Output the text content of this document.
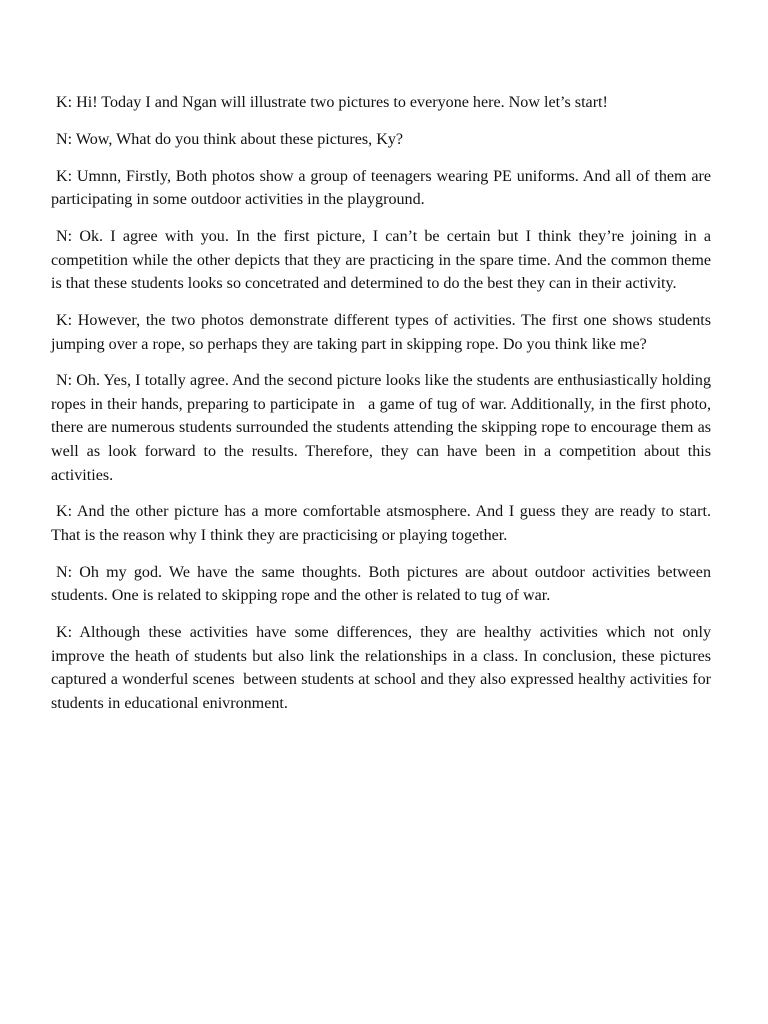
K: Hi! Today I and Ngan will illustrate two pictures to everyone here. Now let’s start!

N: Wow, What do you think about these pictures, Ky?

K: Umnn, Firstly, Both photos show a group of teenagers wearing PE uniforms. And all of them are participating in some outdoor activities in the playground.

N: Ok. I agree with you. In the first picture, I can’t be certain but I think they’re joining in a competition while the other depicts that they are practicing in the spare time. And the common theme is that these students looks so concetrated and determined to do the best they can in their activity.

K: However, the two photos demonstrate different types of activities. The first one shows students jumping over a rope, so perhaps they are taking part in skipping rope. Do you think like me?

N: Oh. Yes, I totally agree. And the second picture looks like the students are enthusiastically holding ropes in their hands, preparing to participate in   a game of tug of war. Additionally, in the first photo, there are numerous students surrounded the students attending the skipping rope to encourage them as well as look forward to the results. Therefore, they can have been in a competition about this activities.

K: And the other picture has a more comfortable atsmosphere. And I guess they are ready to start. That is the reason why I think they are practicising or playing together.

N: Oh my god. We have the same thoughts. Both pictures are about outdoor activities between students. One is related to skipping rope and the other is related to tug of war.

K: Although these activities have some differences, they are healthy activities which not only improve the heath of students but also link the relationships in a class. In conclusion, these pictures captured a wonderful scenes  between students at school and they also expressed healthy activities for students in educational enivronment.
